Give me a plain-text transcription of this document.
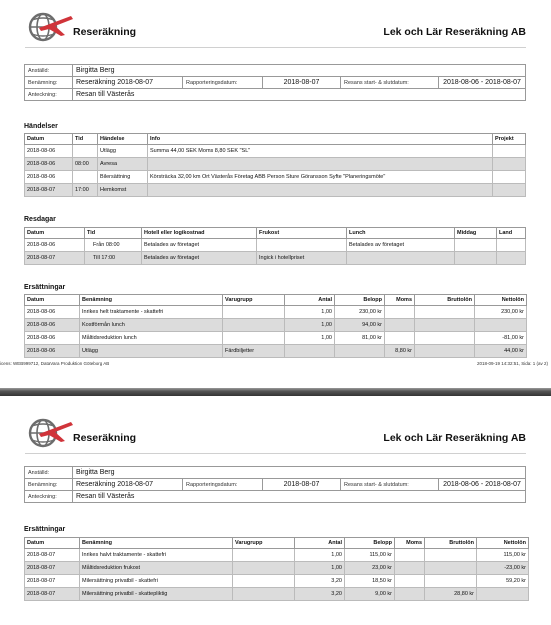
Reseräkning	Lek och Lär Reseräkning AB
Anställd:	Birgitta Berg				
Benämning:	Reseräkning 2018-08-07	Rapporteringsdatum:	2018-08-07	Resans start- & slutdatum:	2018-08-06 - 2018-08-07
Anteckning:	Resan till Västerås				
Händelser
Datum	Tid	Händelse	Info	Projekt
2018-08-06		Utlägg	Summa 44,00 SEK Moms 8,80 SEK "SL"	
2018-08-06	08:00	Avresa		
2018-08-06		Bilersättning	Körsträcka 32,00 km Ort Västerås Företag ABB Person Sture Göransson Syfte "Planeringsmöte"	
2018-08-07	17:00	Hemkomst		
Resdagar
Datum	Tid	Hotell eller logikostnad	Frukost	Lunch	Middag	Land
2018-08-06	Från 08:00	Betalades av företaget		Betalades av företaget		
2018-08-07	Till 17:00	Betalades av företaget	Ingick i hotellpriset			
Ersättningar
Datum	Benämning	Varugrupp	Antal	Belopp	Moms	Bruttolön	Nettolön	
2018-08-06	Inrikes helt traktamente - skattefri		1,00	230,00 kr			230,00 kr	
2018-08-06	Kostförmån lunch		1,00	94,00 kr				
2018-08-06	Måltidsreduktion lunch		1,00	81,00 kr			-81,00 kr	
2018-08-06	Utlägg	Färdbiljetter			8,80 kr		44,00 kr	
icens: WEB999712, DataVara Produktion Göteborg AB	2018-09-19 14:32:51, Sida: 1 (av 2)
Reseräkning	Lek och Lär Reseräkning AB
Anställd:	Birgitta Berg				
Benämning:	Reseräkning 2018-08-07	Rapporteringsdatum:	2018-08-07	Resans start- & slutdatum:	2018-08-06 - 2018-08-07
Anteckning:	Resan till Västerås				
Ersättningar
Datum	Benämning	Varugrupp	Antal	Belopp	Moms	Bruttolön	Nettolön	
2018-08-07	Inrikes halvt traktamente - skattefri		1,00	115,00 kr			115,00 kr	
2018-08-07	Måltidsreduktion frukost		1,00	23,00 kr			-23,00 kr	
2018-08-07	Milersättning privatbil - skattefri		3,20	18,50 kr			59,20 kr	
2018-08-07	Milersättning privatbil - skattepliktig		3,20	9,00 kr		28,80 kr		
